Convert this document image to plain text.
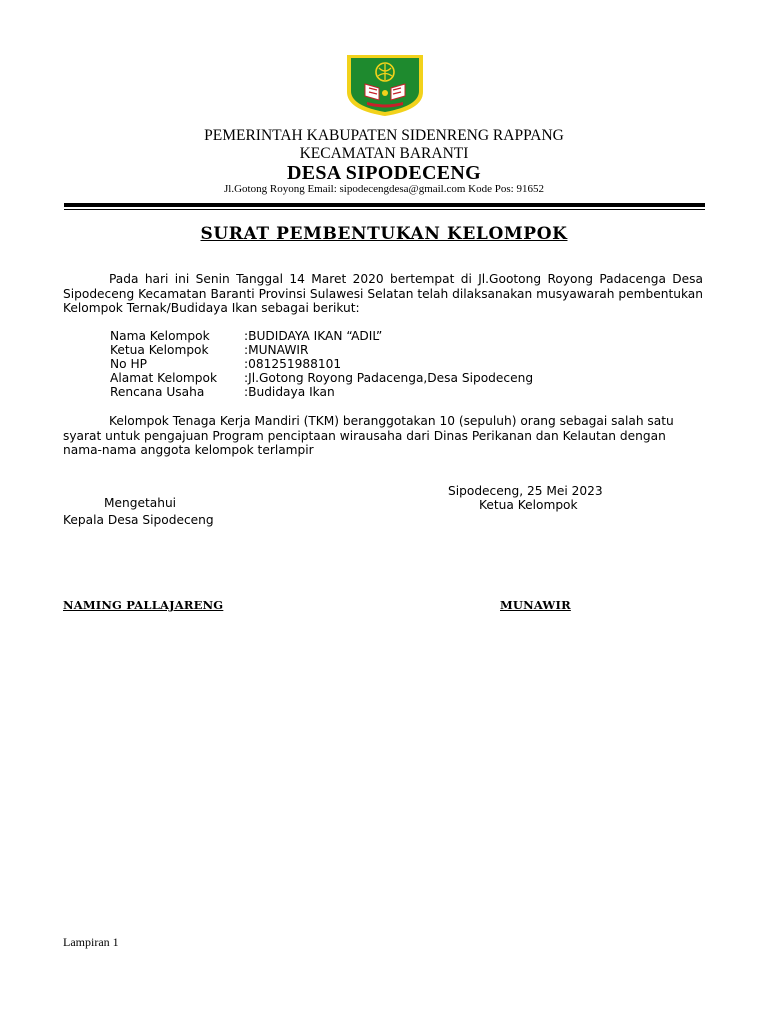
PEMERINTAH KABUPATEN SIDENRENG RAPPANG
KECAMATAN BARANTI
DESA SIPODECENG
Jl.Gotong Royong Email: sipodecengdesa@gmail.com Kode Pos: 91652
SURAT PEMBENTUKAN KELOMPOK
Pada hari ini Senin Tanggal 14 Maret 2020 bertempat di Jl.Gootong Royong Padacenga Desa Sipodeceng Kecamatan Baranti Provinsi Sulawesi Selatan telah dilaksanakan musyawarah pembentukan Kelompok Ternak/Budidaya Ikan sebagai berikut:
Nama Kelompok	:BUDIDAYA IKAN “ADIL”
Ketua Kelompok	:MUNAWIR
No HP	:081251988101
Alamat Kelompok :Jl.Gotong Royong Padacenga,Desa Sipodeceng
Rencana Usaha	:Budidaya Ikan
Kelompok Tenaga Kerja Mandiri (TKM) beranggotakan 10 (sepuluh) orang sebagai salah satu syarat untuk pengajuan Program penciptaan wirausaha dari Dinas Perikanan dan Kelautan dengan nama-nama anggota kelompok terlampir
Sipodeceng, 25 Mei 2023
Ketua Kelompok
Mengetahui
Kepala Desa Sipodeceng
NAMING PALLAJARENG	MUNAWIR
Lampiran 1
